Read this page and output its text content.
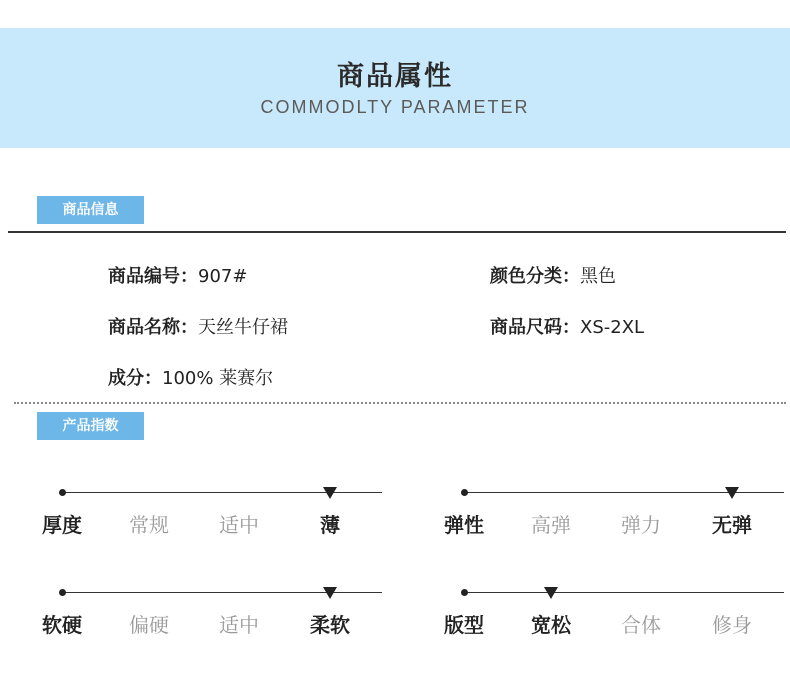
商品属性
COMMODLTY PARAMETER
商品信息
商品编号：907#	颜色分类：黑色
商品名称：天丝牛仔裙	商品尺码：XS-2XL
成分：100% 莱赛尔
产品指数
厚度	常规	适中	薄	弹性	高弹	弹力	无弹
软硬	偏硬	适中	柔软	版型	宽松	合体	修身
